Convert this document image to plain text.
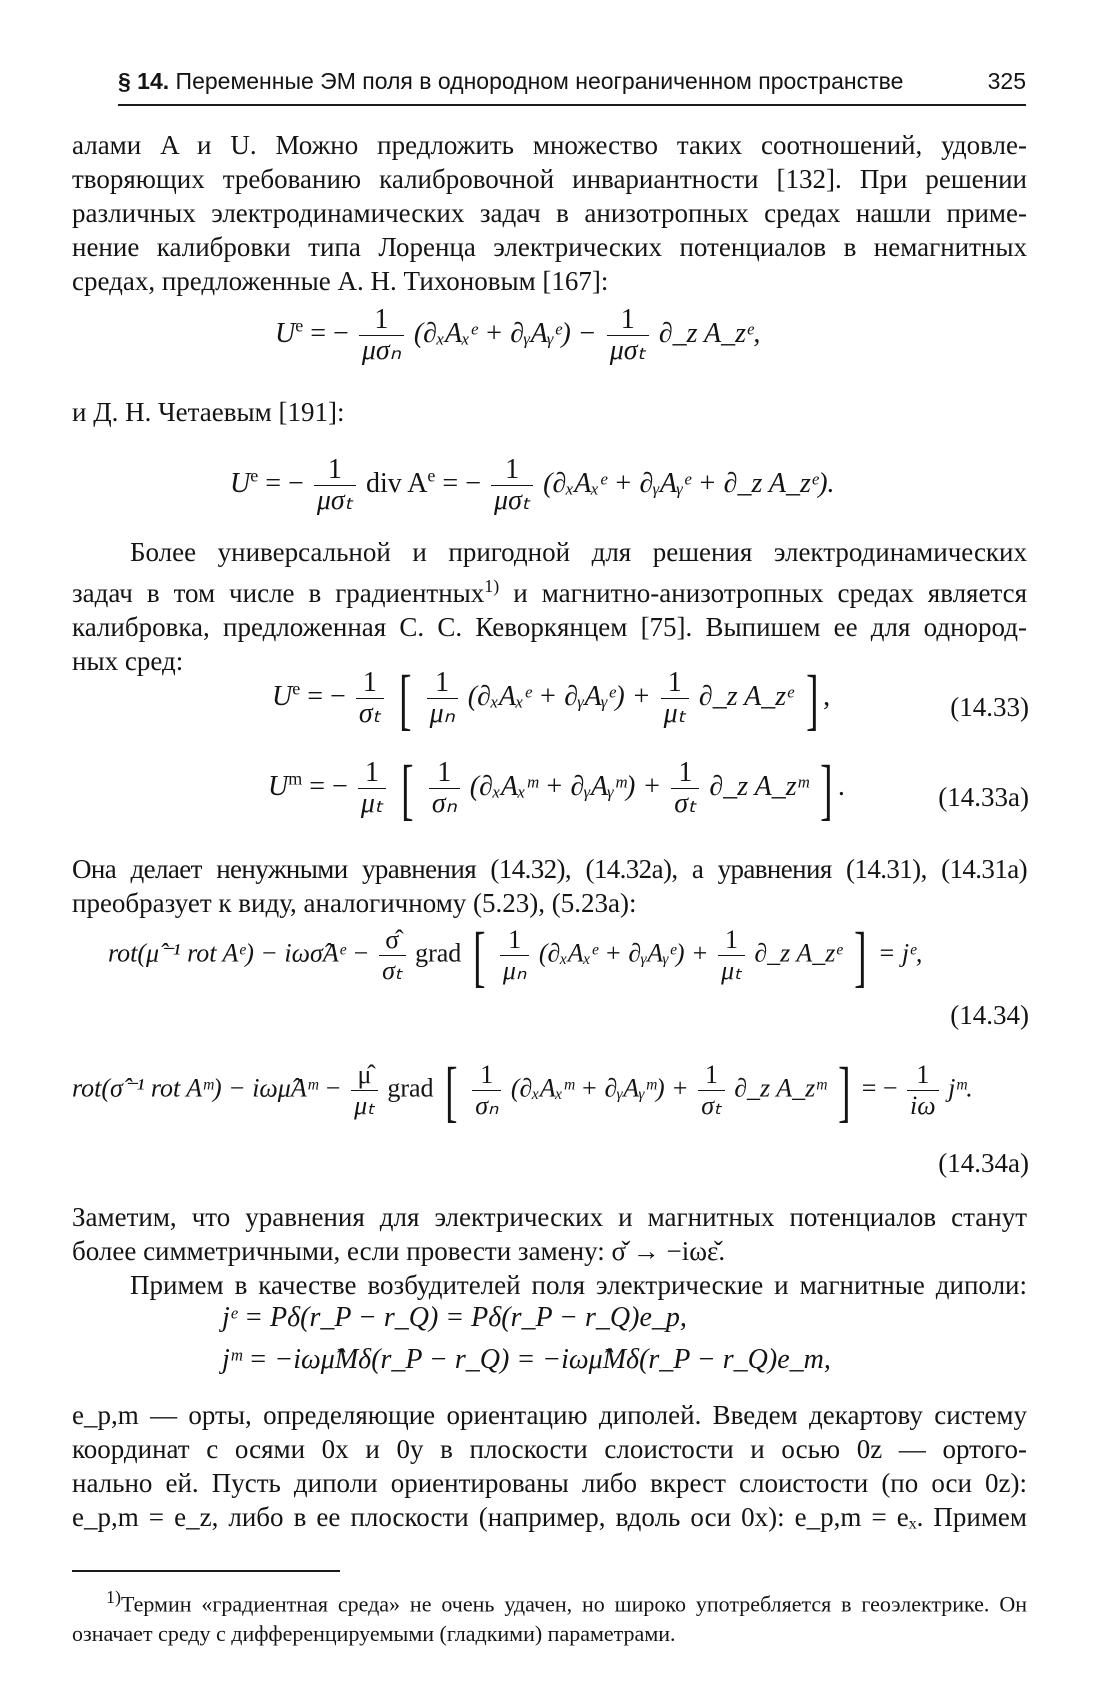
§ 14. Переменные ЭМ поля в однородном неограниченном пространстве	325
алами A и U. Можно предложить множество таких соотношений, удовле-
творяющих требованию калибровочной инвариантности [132]. При решении
различных электродинамических задач в анизотропных средах нашли приме-
нение калибровки типа Лоренца электрических потенциалов в немагнитных
средах, предложенные А. Н. Тихоновым [167]:
$U^e$ = − $\frac{1}{\text{μσₙ}}$ (∂ₓAₓᵉ + ∂ᵧAᵧᵉ) − $\frac{1}{\text{μσₜ}}$ ∂_z A_zᵉ,
и Д. Н. Четаевым [191]:
$U^e$ = − $\frac{1}{\text{μσₜ}}$ div $A^e$ = − $\frac{1}{\text{μσₜ}}$ (∂ₓAₓᵉ + ∂ᵧAᵧᵉ + ∂_z A_zᵉ).
Более универсальной и пригодной для решения электродинамических
задач в том числе в градиентных$^{1)}$ и магнитно-анизотропных средах является
калибровка, предложенная С. С. Кеворкянцем [75]. Выпишем ее для однород-
ных сред:
$U^e$ = − $\frac{1}{\text{σₜ}}$ [ $\frac{1}{\text{μₙ}}$ (∂ₓAₓᵉ + ∂ᵧAᵧᵉ) + $\frac{1}{\text{μₜ}}$ ∂_z A_zᵉ ] ,	(14.33)
$U^m$ = − $\frac{1}{\text{μₜ}}$ [ $\frac{1}{\text{σₙ}}$ (∂ₓAₓᵐ + ∂ᵧAᵧᵐ) + $\frac{1}{\text{σₜ}}$ ∂_z A_zᵐ ] .	(14.33a)
Она делает ненужными уравнения (14.32), (14.32а), а уравнения (14.31), (14.31а)
преобразует к виду, аналогичному (5.23), (5.23а):
rot(μ̂⁻¹ rot Aᵉ) − iωσ̂Aᵉ − $\frac{\sigmâ}{\text{σₜ}}$ grad [ $\frac{1}{\text{μₙ}}$ (∂ₓAₓᵉ + ∂ᵧAᵧᵉ) + $\frac{1}{\text{μₜ}}$ ∂_z A_zᵉ ] = jᵉ,
(14.34)
rot(σ̂⁻¹ rot Aᵐ) − iωμ̂Aᵐ − $\frac{\mû}{\text{μₜ}}$ grad [ $\frac{1}{\text{σₙ}}$ (∂ₓAₓᵐ + ∂ᵧAᵧᵐ) + $\frac{1}{\text{σₜ}}$ ∂_z A_zᵐ ] = − $\frac{1}{i\omega}$ jᵐ.
(14.34a)
Заметим, что уравнения для электрических и магнитных потенциалов станут
более симметричными, если провести замену: σ̌ → −iωε̌.
Примем в качестве возбудителей поля электрические и магнитные диполи:
jᵉ = Pδ(r_P − r_Q) = Pδ(r_P − r_Q)e_p,
jᵐ = −iωμ̂Mδ(r_P − r_Q) = −iωμ̂Mδ(r_P − r_Q)e_m,
e_p,m — орты, определяющие ориентацию диполей. Введем декартову систему
координат с осями 0x и 0y в плоскости слоистости и осью 0z — ортого-
нально ей. Пусть диполи ориентированы либо вкрест слоистости (по оси 0z):
e_p,m = e_z, либо в ее плоскости (например, вдоль оси 0x): e_p,m = eₓ. Примем
$^{1)}$Термин «градиентная среда» не очень удачен, но широко употребляется в геоэлектрике. Он
означает среду с дифференцируемыми (гладкими) параметрами.
